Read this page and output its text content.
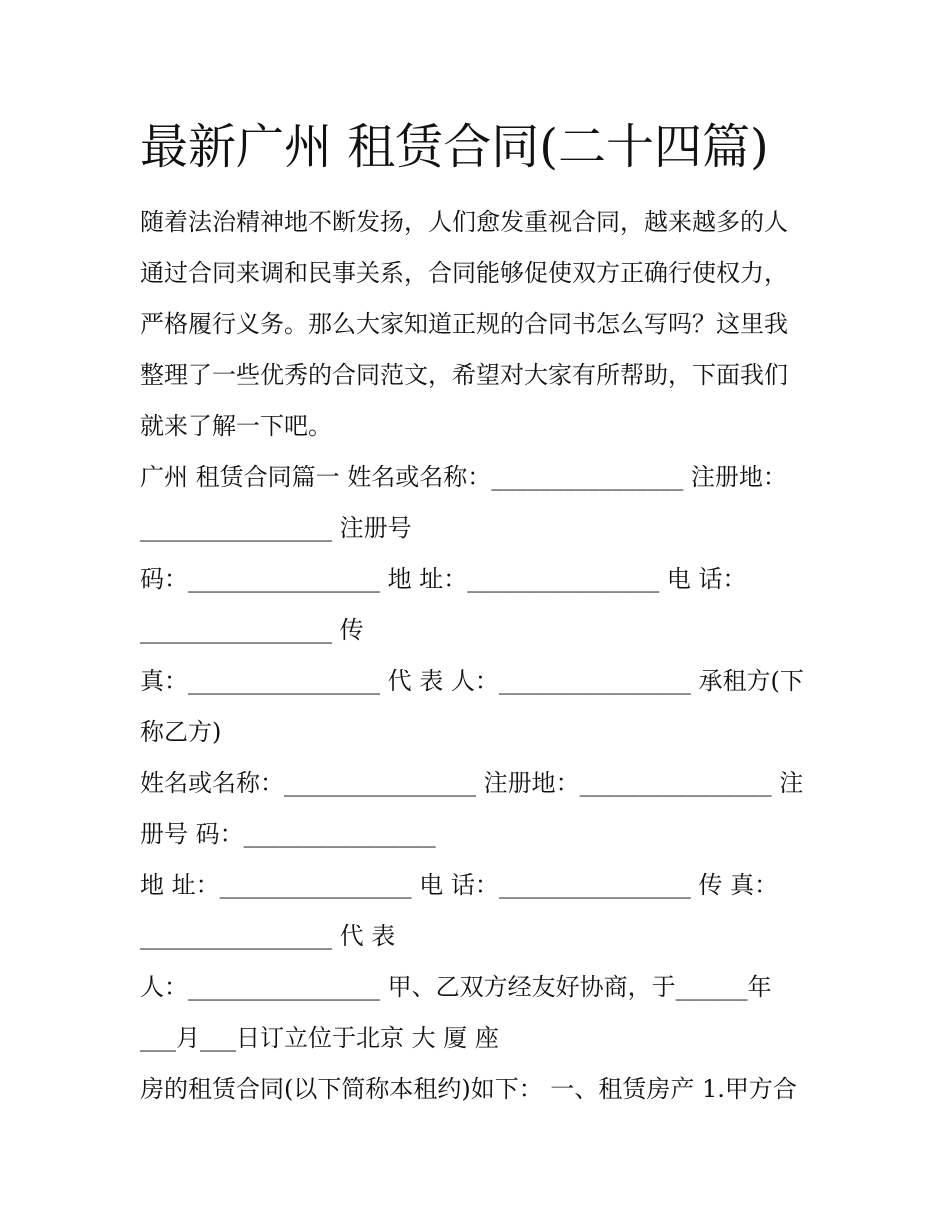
最新广州 租赁合同(二十四篇)
随着法治精神地不断发扬，人们愈发重视合同，越来越多的人
通过合同来调和民事关系，合同能够促使双方正确行使权力，
严格履行义务。那么大家知道正规的合同书怎么写吗？这里我
整理了一些优秀的合同范文，希望对大家有所帮助，下面我们
就来了解一下吧。
广州 租赁合同篇一 姓名或名称：________________ 注册地：
________________ 注册号
码：________________ 地 址：________________ 电 话：
________________ 传
真：________________ 代 表 人：________________ 承租方(下
称乙方)
姓名或名称：________________ 注册地：________________ 注
册号 码：________________
地 址：________________ 电 话：________________ 传 真：
________________ 代 表
人：________________ 甲、乙双方经友好协商，于______年
___月___日订立位于北京 大 厦 座
房的租赁合同(以下简称本租约)如下： 一、租赁房产 1.甲方合
